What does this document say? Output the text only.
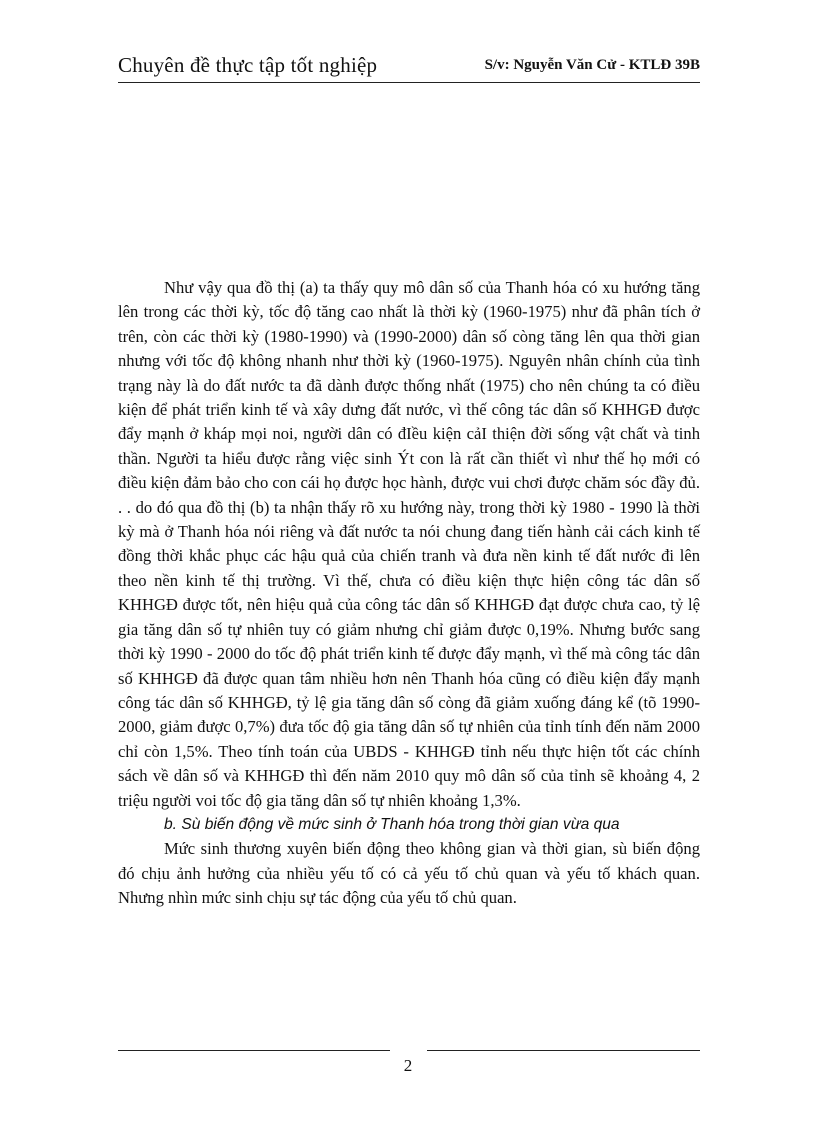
Chuyên đề thực tập tốt nghiệp	S/v: Nguyễn Văn Cử - KTLĐ 39B

Như vậy qua đồ thị (a) ta thấy quy mô dân số của Thanh hóa có xu hướng tăng lên trong các thời kỳ, tốc độ tăng cao nhất là thời kỳ (1960-1975) như đã phân tích ở trên, còn các thời kỳ (1980-1990) và (1990-2000) dân số còng tăng lên qua thời gian nhưng với tốc độ không nhanh như thời kỳ (1960-1975). Nguyên nhân chính của tình trạng này là do đất nước ta đã dành được thống nhất (1975) cho nên chúng ta có điều kiện để phát triển kinh tế và xây dưng đất nước, vì thế công tác dân số KHHGĐ được đẩy mạnh ở kháp mọi noi, người dân có đIều kiện cảI thiện đời sống vật chất và tinh thần. Người ta hiểu được rằng việc sinh Ýt con là rất cần thiết vì như thế họ mới có điều kiện đảm bảo cho con cái họ được học hành, được vui chơi được chăm sóc đầy đủ. . . do đó qua đồ thị (b) ta nhận thấy rõ xu hướng này, trong thời kỳ 1980 - 1990 là thời kỳ mà ở Thanh hóa nói riêng và đất nước ta nói chung đang tiến hành cải cách kinh tế đồng thời khắc phục các hậu quả của chiến tranh và đưa nền kinh tế đất nước đi lên theo nền kinh tế thị trường. Vì thế, chưa có điều kiện thực hiện công tác dân số KHHGĐ được tốt, nên hiệu quả của công tác dân số KHHGĐ đạt được chưa cao, tỷ lệ gia tăng dân số tự nhiên tuy có giảm nhưng chỉ giảm được 0,19%. Nhưng bước sang thời kỳ 1990 - 2000 do tốc độ phát triển kinh tế được đẩy mạnh, vì thế mà công tác dân số KHHGĐ đã được quan tâm nhiều hơn nên Thanh hóa cũng có điều kiện đẩy mạnh công tác dân số KHHGĐ, tỷ lệ gia tăng dân số còng đã giảm xuống đáng kể (tõ 1990-2000, giảm được 0,7%) đưa tốc độ gia tăng dân số tự nhiên của tỉnh tính đến năm 2000 chỉ còn 1,5%. Theo tính toán của UBDS - KHHGĐ tỉnh nếu thực hiện tốt các chính sách về dân số và KHHGĐ thì đến năm 2010 quy mô dân số của tỉnh sẽ khoảng 4, 2 triệu người voi tốc độ gia tăng dân số tự nhiên khoảng 1,3%.

b. Sù biến động về mức sinh ở Thanh hóa trong thời gian vừa qua

Mức sinh thương xuyên biến động theo không gian và thời gian, sù biến động đó chịu ảnh hưởng của nhiều yếu tố có cả yếu tố chủ quan và yếu tố khách quan. Nhưng nhìn mức sinh chịu sự tác động của yếu tố chủ quan.

2
